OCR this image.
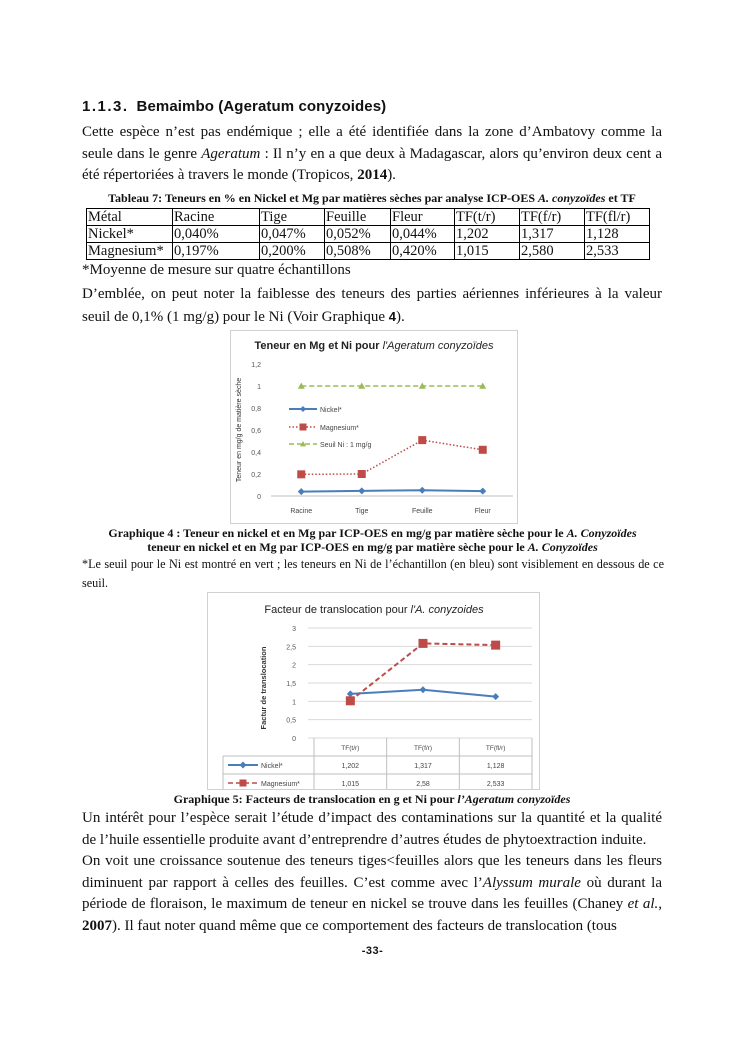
1.1.3. Bemaimbo (Ageratum conyzoides)
Cette espèce n’est pas endémique ; elle a été identifiée dans la zone d’Ambatovy comme la seule dans le genre Ageratum : Il n’y en a que deux à Madagascar, alors qu’environ deux cent a été répertoriées à travers le monde (Tropicos, 2014).
Tableau 7: Teneurs en % en Nickel et Mg par matières sèches par analyse ICP-OES A. conyzoïdes et TF
Métal	Racine	Tige	Feuille	Fleur	TF(t/r)	TF(f/r)	TF(fl/r)
Nickel*	0,040%	0,047%	0,052%	0,044%	1,202	1,317	1,128
Magnesium*	0,197%	0,200%	0,508%	0,420%	1,015	2,580	2,533
*Moyenne de mesure sur quatre échantillons
D’emblée, on peut noter la faiblesse des teneurs des parties aériennes inférieures à la valeur seuil de 0,1% (1 mg/g) pour le Ni (Voir Graphique 4).
Teneur en Mg et Ni pour l'Ageratum conyzoïdes
0
0,2
0,4
0,6
0,8
1
1,2
Racine	Tige	Feuille	Fleur
Teneur en mg/g de matière sèche	Nickel*
Magnesium*
Seuil Ni : 1 mg/g
Graphique 4 : Teneur en nickel et en Mg par ICP-OES en mg/g par matière sèche pour le A. Conyzoïdes
teneur en nickel et en Mg par ICP-OES en mg/g par matière sèche pour le A. Conyzoïdes
*Le seuil pour le Ni est montré en vert ; les teneurs en Ni de l’échantillon (en bleu) sont visiblement en dessous de ce seuil.
Facteur de translocation pour l'A. conyzoides
0
0,5
1
1,5
2
2,5
3
Factur de translocation
TF(t/r)	TF(f/r)	TF(fl/r)
Nickel*	1,202	1,317	1,128
Magnesium*	1,015	2,58	2,533
Graphique 5: Facteurs de translocation en g et Ni pour l’Ageratum conyzoïdes
Un intérêt pour l’espèce serait l’étude d’impact des contaminations sur la quantité et la qualité de l’huile essentielle produite avant d’entreprendre d’autres études de phytoextraction induite.
On voit une croissance soutenue des teneurs tiges<feuilles alors que les teneurs dans les fleurs diminuent par rapport à celles des feuilles. C’est comme avec l’Alyssum murale où durant la période de floraison, le maximum de teneur en nickel se trouve dans les feuilles (Chaney et al., 2007). Il faut noter quand même que ce comportement des facteurs de translocation (tous
-33-
